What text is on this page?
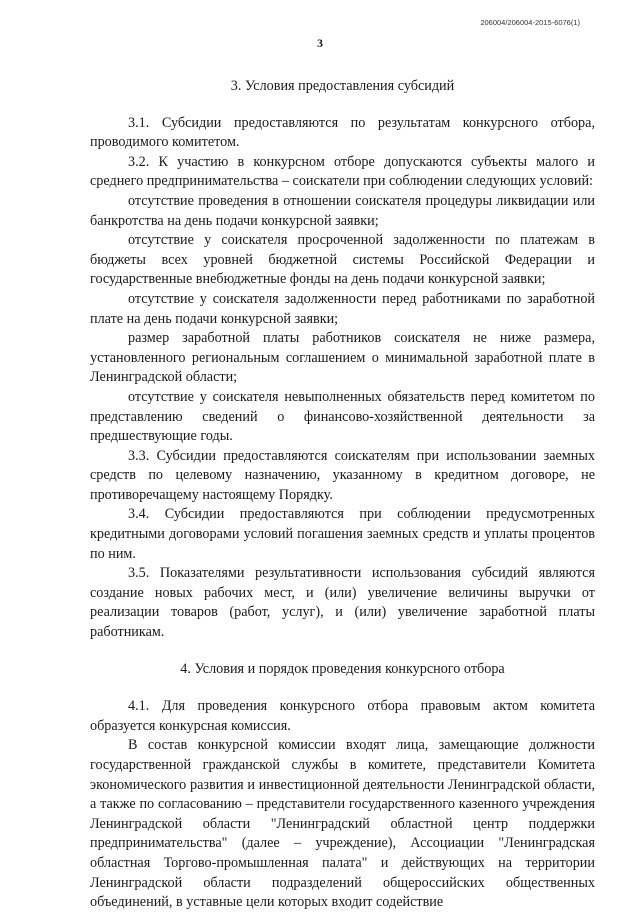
206004/206004-2015-6076(1)
3

3. Условия предоставления субсидий

3.1. Субсидии предоставляются по результатам конкурсного отбора, проводимого комитетом.

3.2. К участию в конкурсном отборе допускаются субъекты малого и среднего предпринимательства – соискатели при соблюдении следующих условий:

отсутствие проведения в отношении соискателя процедуры ликвидации или банкротства на день подачи конкурсной заявки;

отсутствие у соискателя просроченной задолженности по платежам в бюджеты всех уровней бюджетной системы Российской Федерации и государственные внебюджетные фонды на день подачи конкурсной заявки;

отсутствие у соискателя задолженности перед работниками по заработной плате на день подачи конкурсной заявки;

размер заработной платы работников соискателя не ниже размера, установленного региональным соглашением о минимальной заработной плате в Ленинградской области;

отсутствие у соискателя невыполненных обязательств перед комитетом по представлению сведений о финансово-хозяйственной деятельности за предшествующие годы.

3.3. Субсидии предоставляются соискателям при использовании заемных средств по целевому назначению, указанному в кредитном договоре, не противоречащему настоящему Порядку.

3.4. Субсидии предоставляются при соблюдении предусмотренных кредитными договорами условий погашения заемных средств и уплаты процентов по ним.

3.5. Показателями результативности использования субсидий являются создание новых рабочих мест, и (или) увеличение величины выручки от реализации товаров (работ, услуг), и (или) увеличение заработной платы работникам.

4. Условия и порядок проведения конкурсного отбора

4.1. Для проведения конкурсного отбора правовым актом комитета образуется конкурсная комиссия.

В состав конкурсной комиссии входят лица, замещающие должности государственной гражданской службы в комитете, представители Комитета экономического развития и инвестиционной деятельности Ленинградской области, а также по согласованию – представители государственного казенного учреждения Ленинградской области "Ленинградский областной центр поддержки предпринимательства" (далее – учреждение), Ассоциации "Ленинградская областная Торгово-промышленная палата" и действующих на территории Ленинградской области подразделений общероссийских общественных объединений, в уставные цели которых входит содействие
